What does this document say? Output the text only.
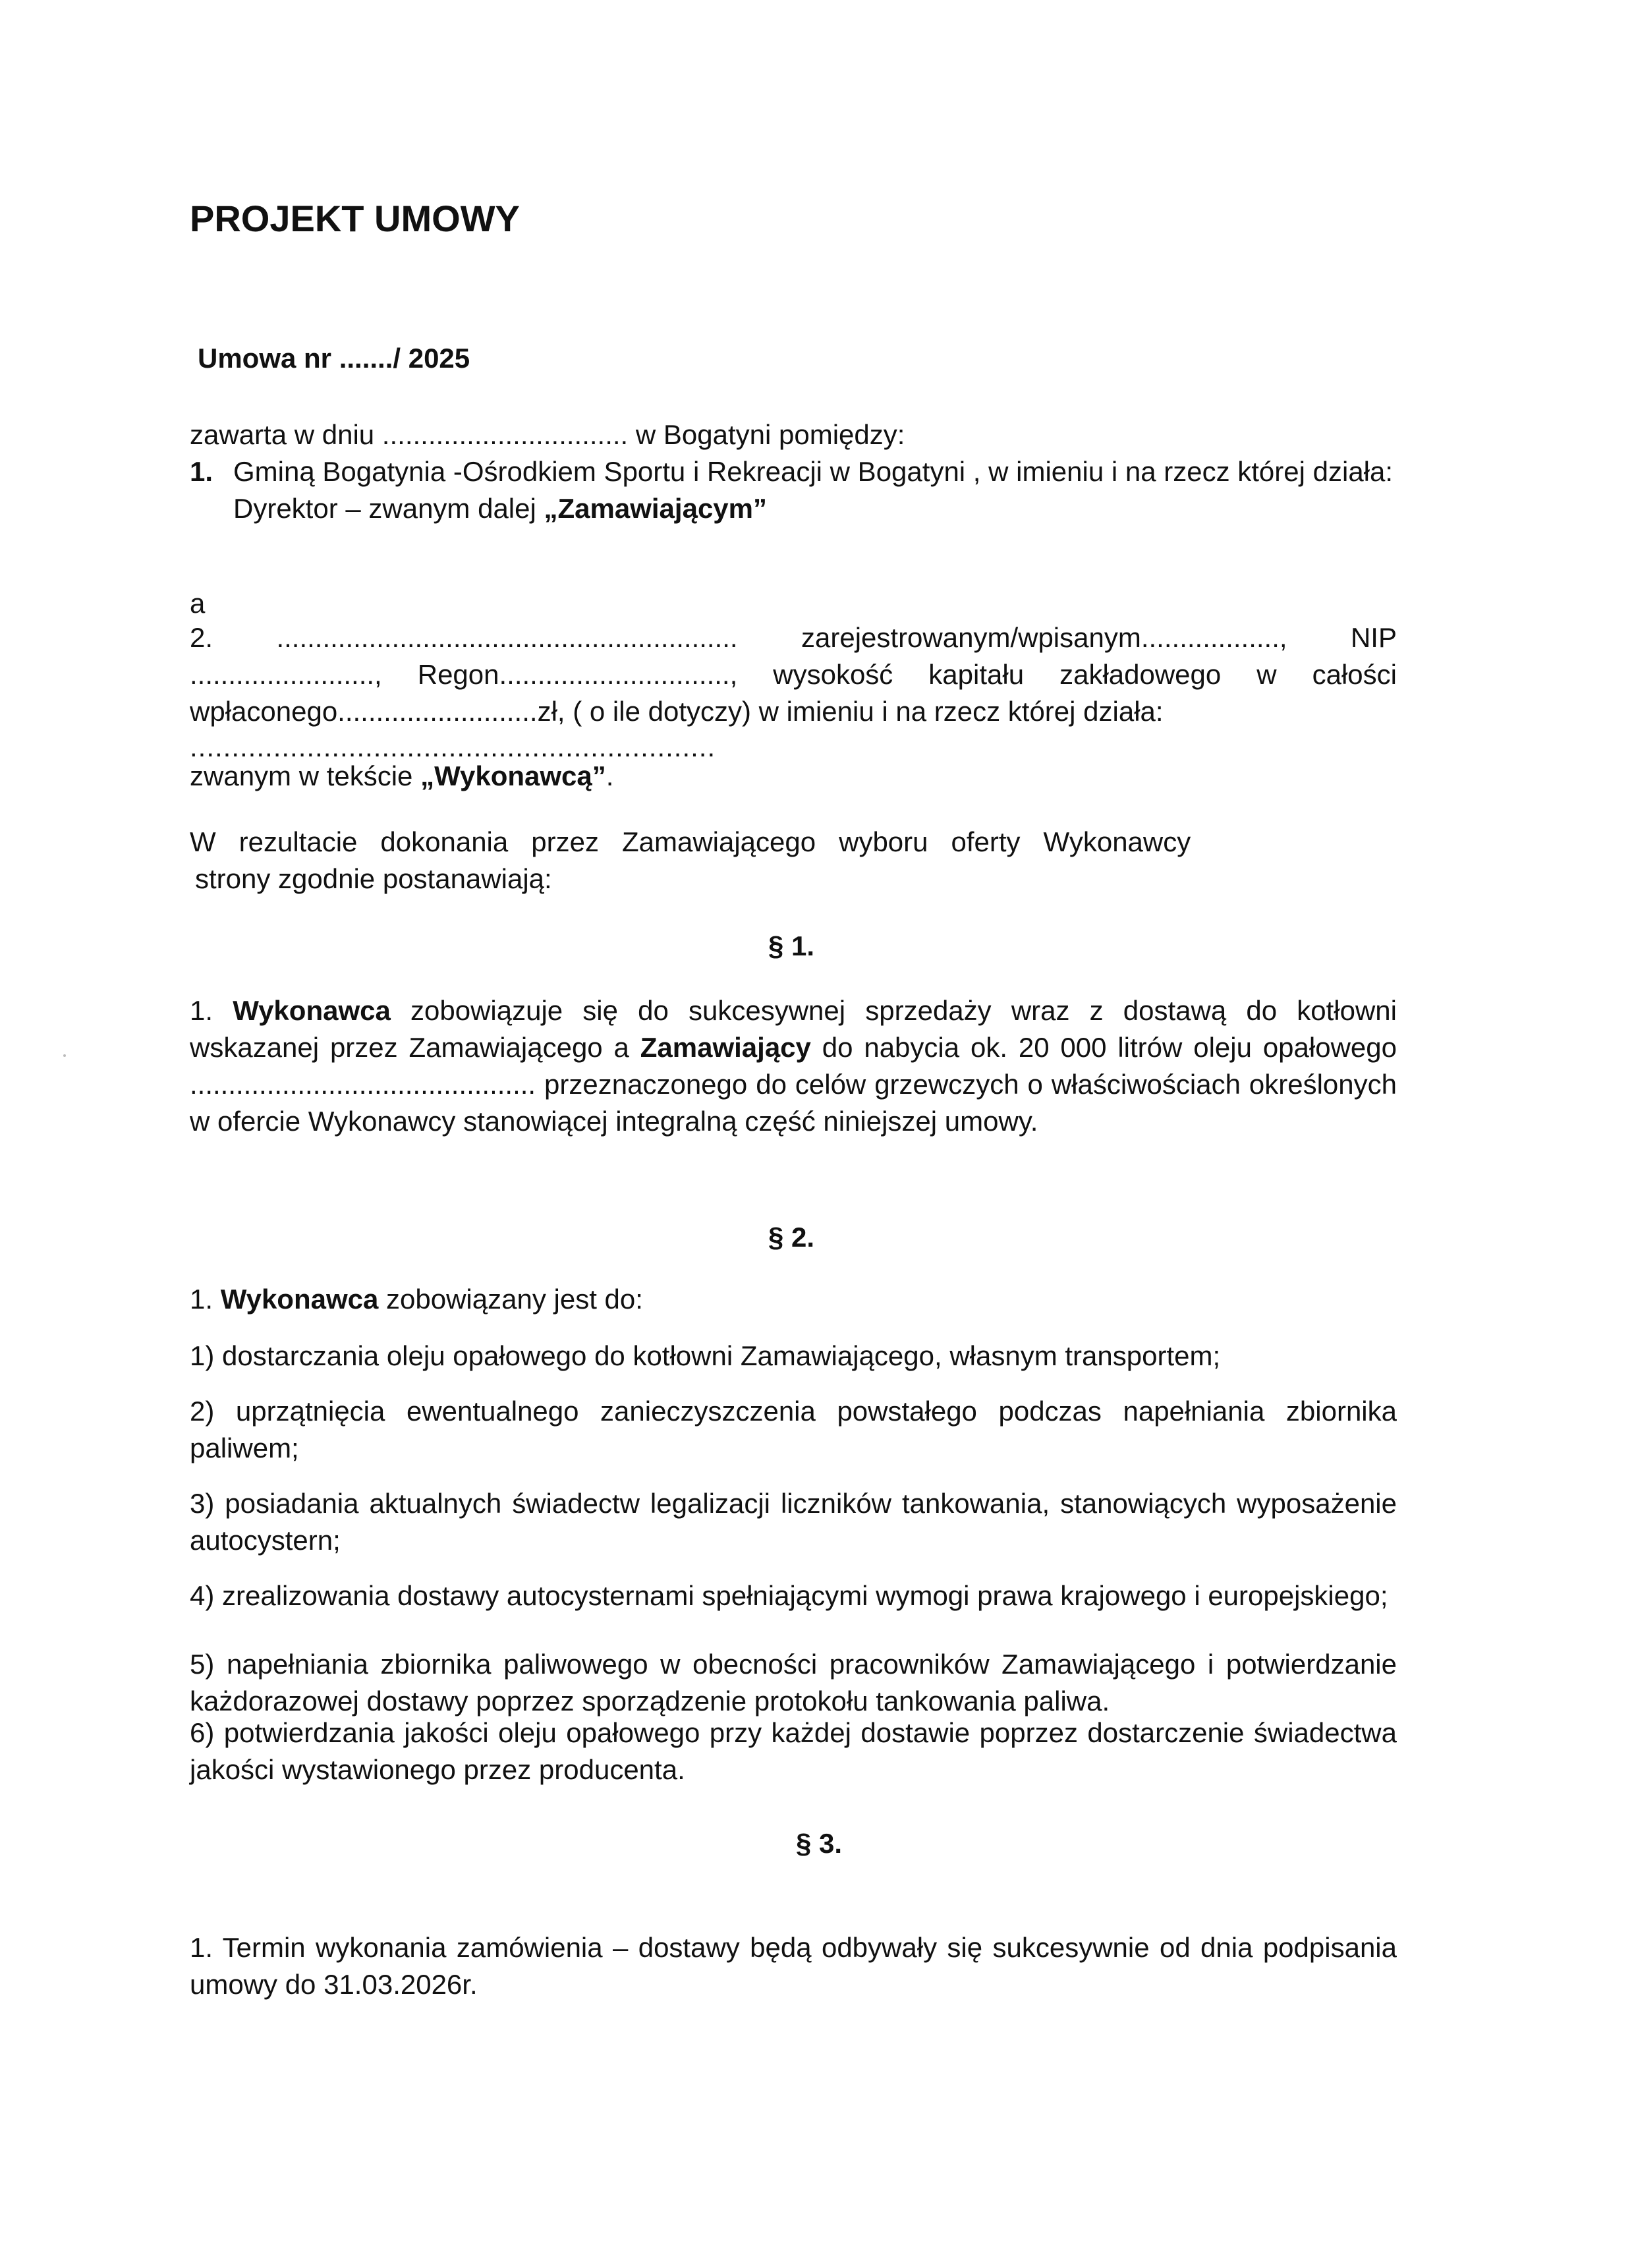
PROJEKT UMOWY

Umowa nr ......./ 2025

zawarta w dniu ................................ w Bogatyni pomiędzy:

1. Gminą Bogatynia -Ośrodkiem Sportu i Rekreacji w Bogatyni , w imieniu i na rzecz której działa:
Dyrektor – zwanym dalej „Zamawiającym”

a

2. ............................................................ zarejestrowanym/wpisanym.................., NIP ........................, Regon.............................., wysokość kapitału zakładowego w całości wpłaconego..........................zł, ( o ile dotyczy) w imieniu i na rzecz której działa:

...............................................................

zwanym w tekście „Wykonawcą”.

W   rezultacie   dokonania   przez   Zamawiającego   wyboru   oferty   Wykonawcy
strony zgodnie postanawiają:
§ 1.

1. Wykonawca zobowiązuje się do sukcesywnej sprzedaży wraz z dostawą do kotłowni wskazanej przez Zamawiającego a Zamawiający do nabycia ok. 20 000 litrów oleju opałowego ............................................. przeznaczonego do celów grzewczych o właściwościach określonych w ofercie Wykonawcy stanowiącej integralną część niniejszej umowy.

§ 2.

1. Wykonawca zobowiązany jest do:

1) dostarczania oleju opałowego do kotłowni Zamawiającego, własnym transportem;

2) uprzątnięcia ewentualnego zanieczyszczenia powstałego podczas napełniania zbiornika paliwem;

3) posiadania aktualnych świadectw legalizacji liczników tankowania, stanowiących wyposażenie autocystern;

4) zrealizowania dostawy autocysternami spełniającymi wymogi prawa krajowego i europejskiego;

5) napełniania zbiornika paliwowego w obecności pracowników Zamawiającego i potwierdzanie każdorazowej dostawy poprzez sporządzenie protokołu tankowania paliwa.

6) potwierdzania jakości oleju opałowego przy każdej dostawie poprzez dostarczenie świadectwa jakości wystawionego przez producenta.

§ 3.

1. Termin wykonania zamówienia – dostawy będą odbywały się sukcesywnie od dnia podpisania umowy do 31.03.2026r.
